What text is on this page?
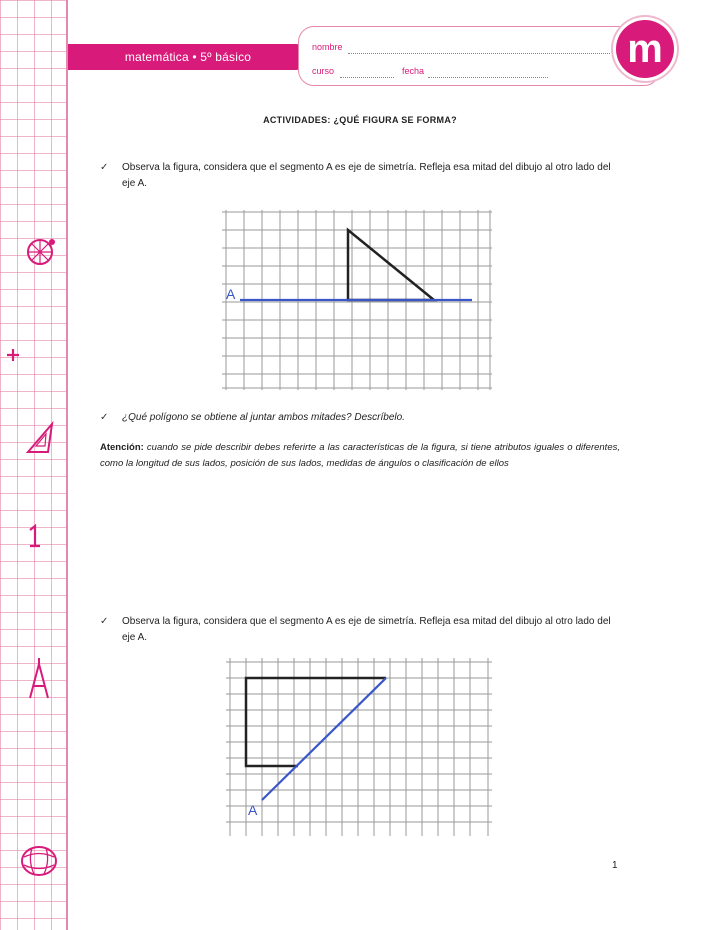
matemática • 5º básico
nombre
curso	fecha	m
ACTIVIDADES: ¿QUÉ FIGURA SE FORMA?
✓ Observa la figura, considera que el segmento A es eje de simetría. Refleja esa mitad del dibujo al otro lado del eje A.
A
✓ ¿Qué polígono se obtiene al juntar ambos mitades? Descríbelo.
Atención: cuando se pide describir debes referirte a las características de la figura, si tiene atributos iguales o diferentes, como la longitud de sus lados, posición de sus lados, medidas de ángulos o clasificación de ellos
✓ Observa la figura, considera que el segmento A es eje de simetría. Refleja esa mitad del dibujo al otro lado del eje A.
A
1
